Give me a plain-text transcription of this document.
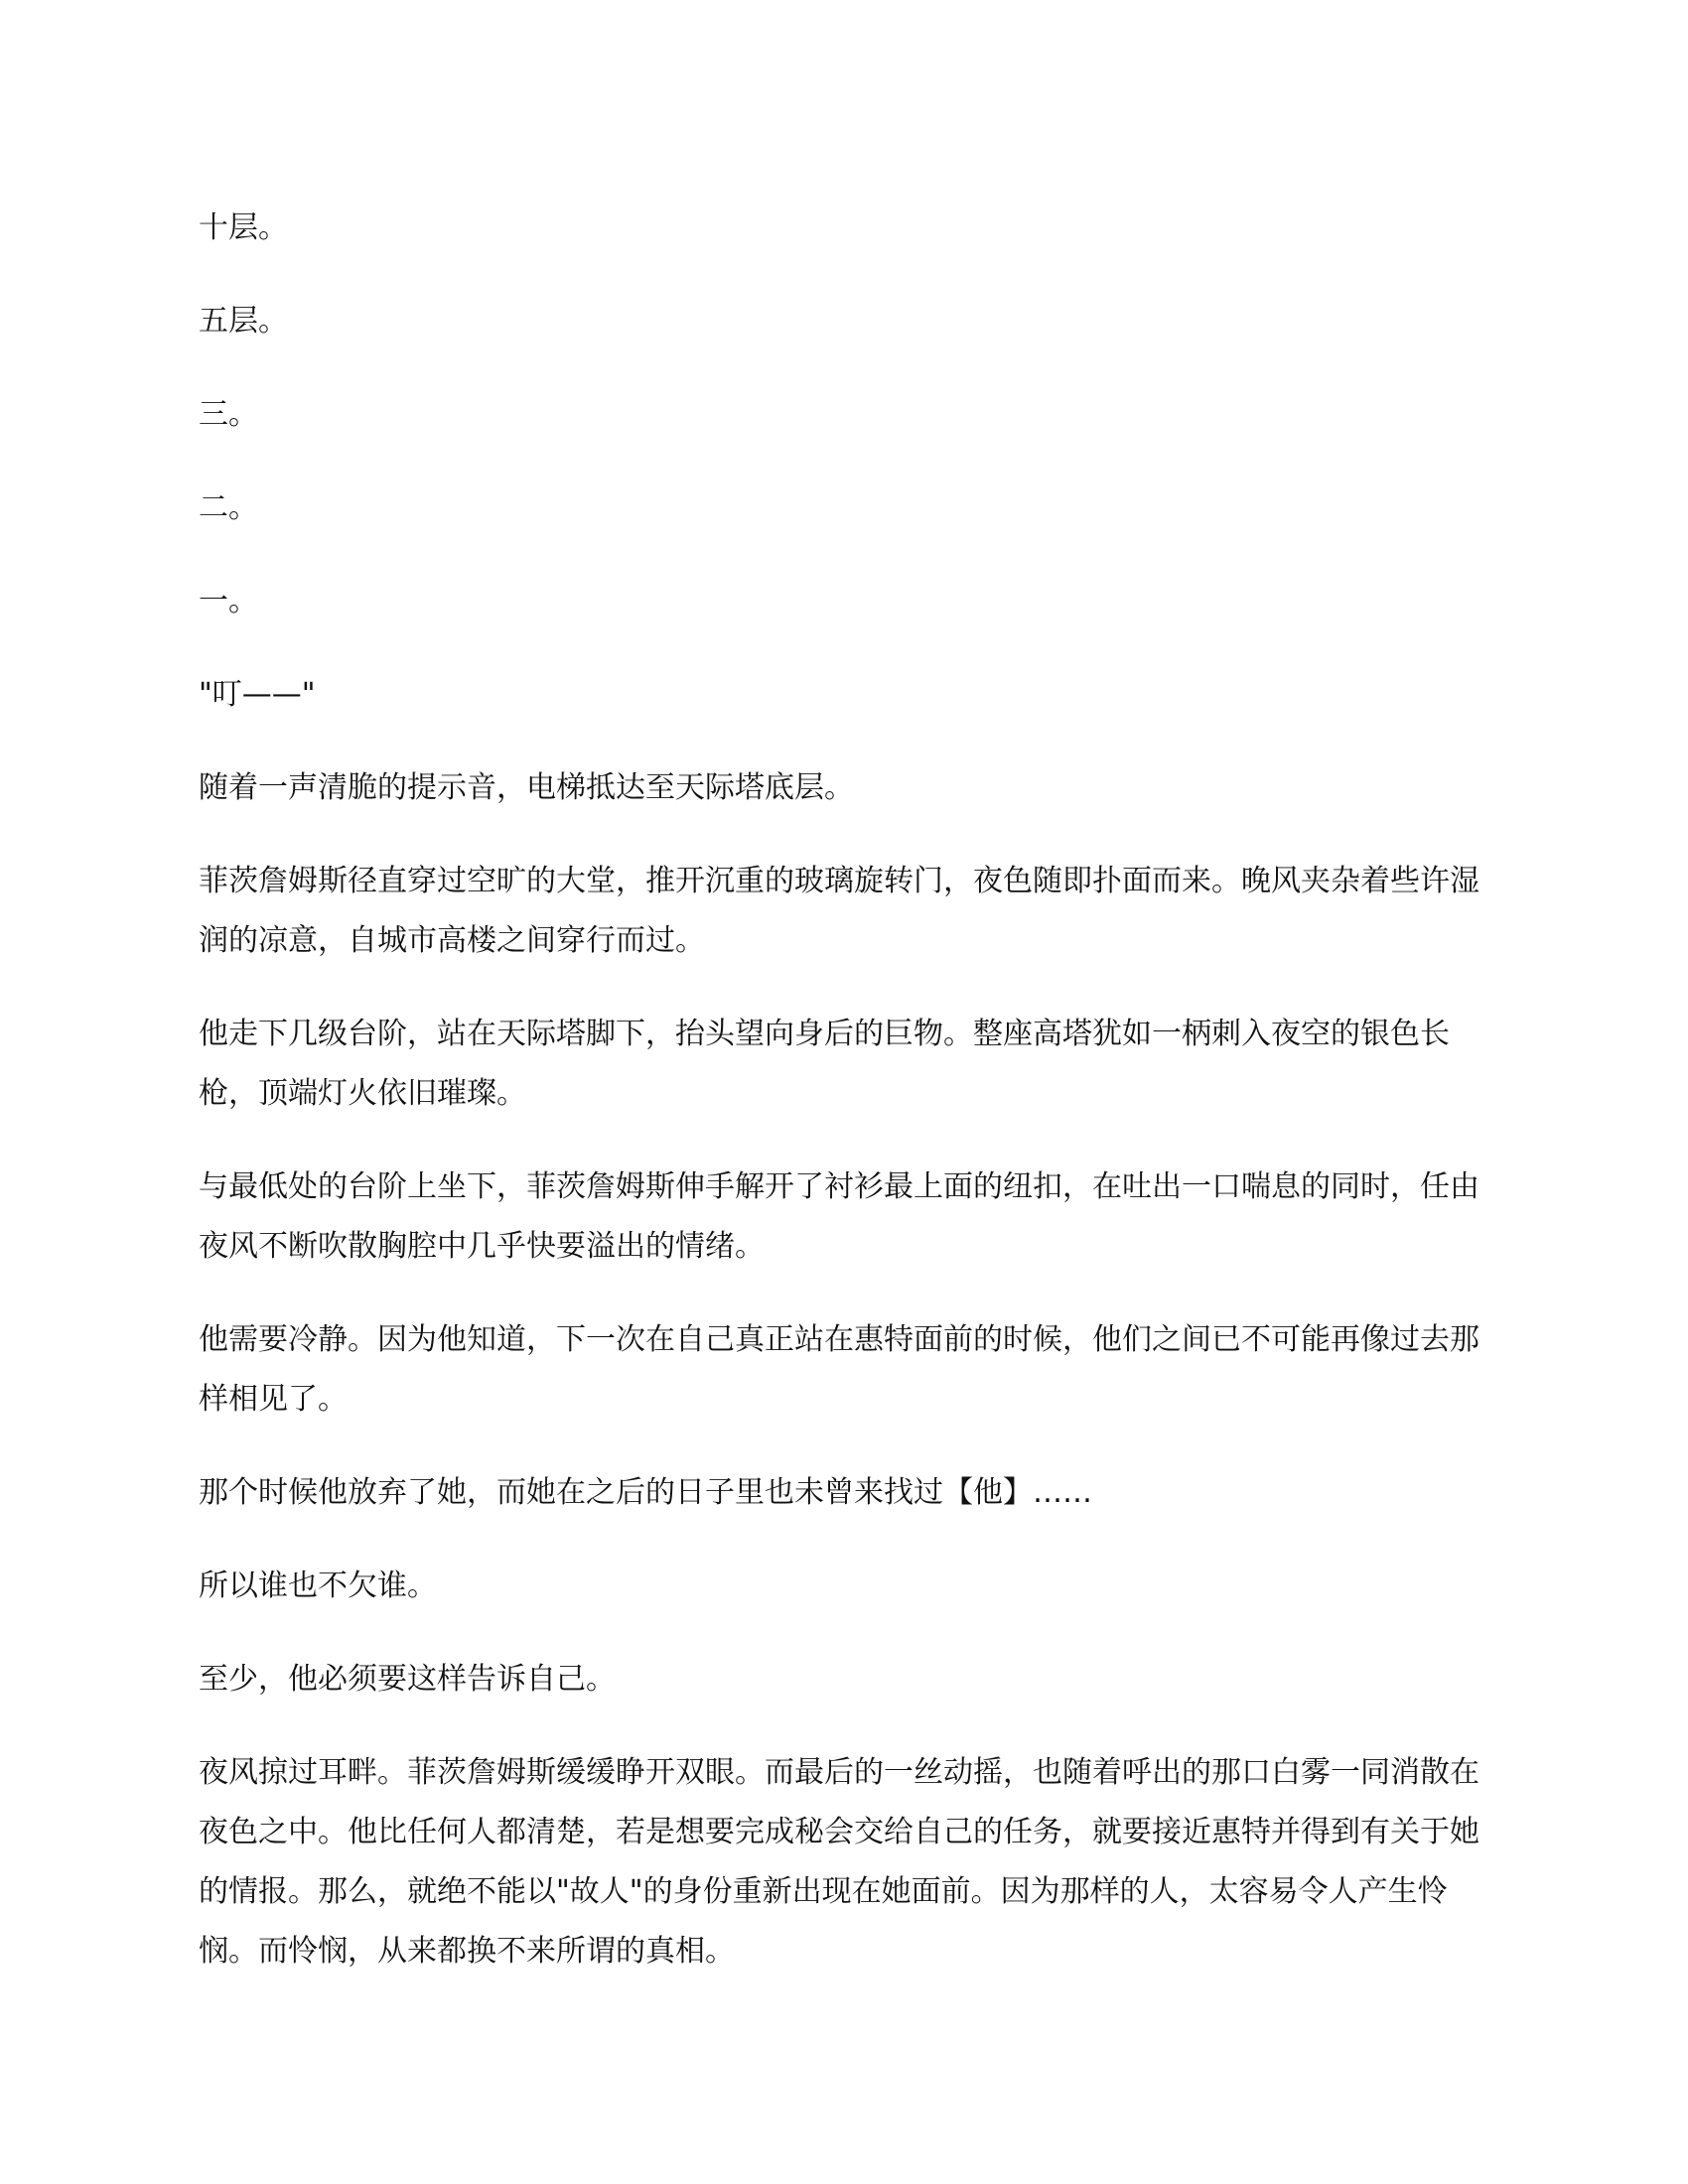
十层。

五层。

三。

二。

一。

"叮——"

随着一声清脆的提示音，电梯抵达至天际塔底层。

菲茨詹姆斯径直穿过空旷的大堂，推开沉重的玻璃旋转门，夜色随即扑面而来。晚风夹杂着些许湿润的凉意，自城市高楼之间穿行而过。

他走下几级台阶，站在天际塔脚下，抬头望向身后的巨物。整座高塔犹如一柄刺入夜空的银色长枪，顶端灯火依旧璀璨。

与最低处的台阶上坐下，菲茨詹姆斯伸手解开了衬衫最上面的纽扣，在吐出一口喘息的同时，任由夜风不断吹散胸腔中几乎快要溢出的情绪。

他需要冷静。因为他知道，下一次在自己真正站在惠特面前的时候，他们之间已不可能再像过去那样相见了。

那个时候他放弃了她，而她在之后的日子里也未曾来找过【他】……

所以谁也不欠谁。

至少，他必须要这样告诉自己。

夜风掠过耳畔。菲茨詹姆斯缓缓睁开双眼。而最后的一丝动摇，也随着呼出的那口白雾一同消散在夜色之中。他比任何人都清楚，若是想要完成秘会交给自己的任务，就要接近惠特并得到有关于她的情报。那么，就绝不能以"故人"的身份重新出现在她面前。因为那样的人，太容易令人产生怜悯。而怜悯，从来都换不来所谓的真相。
